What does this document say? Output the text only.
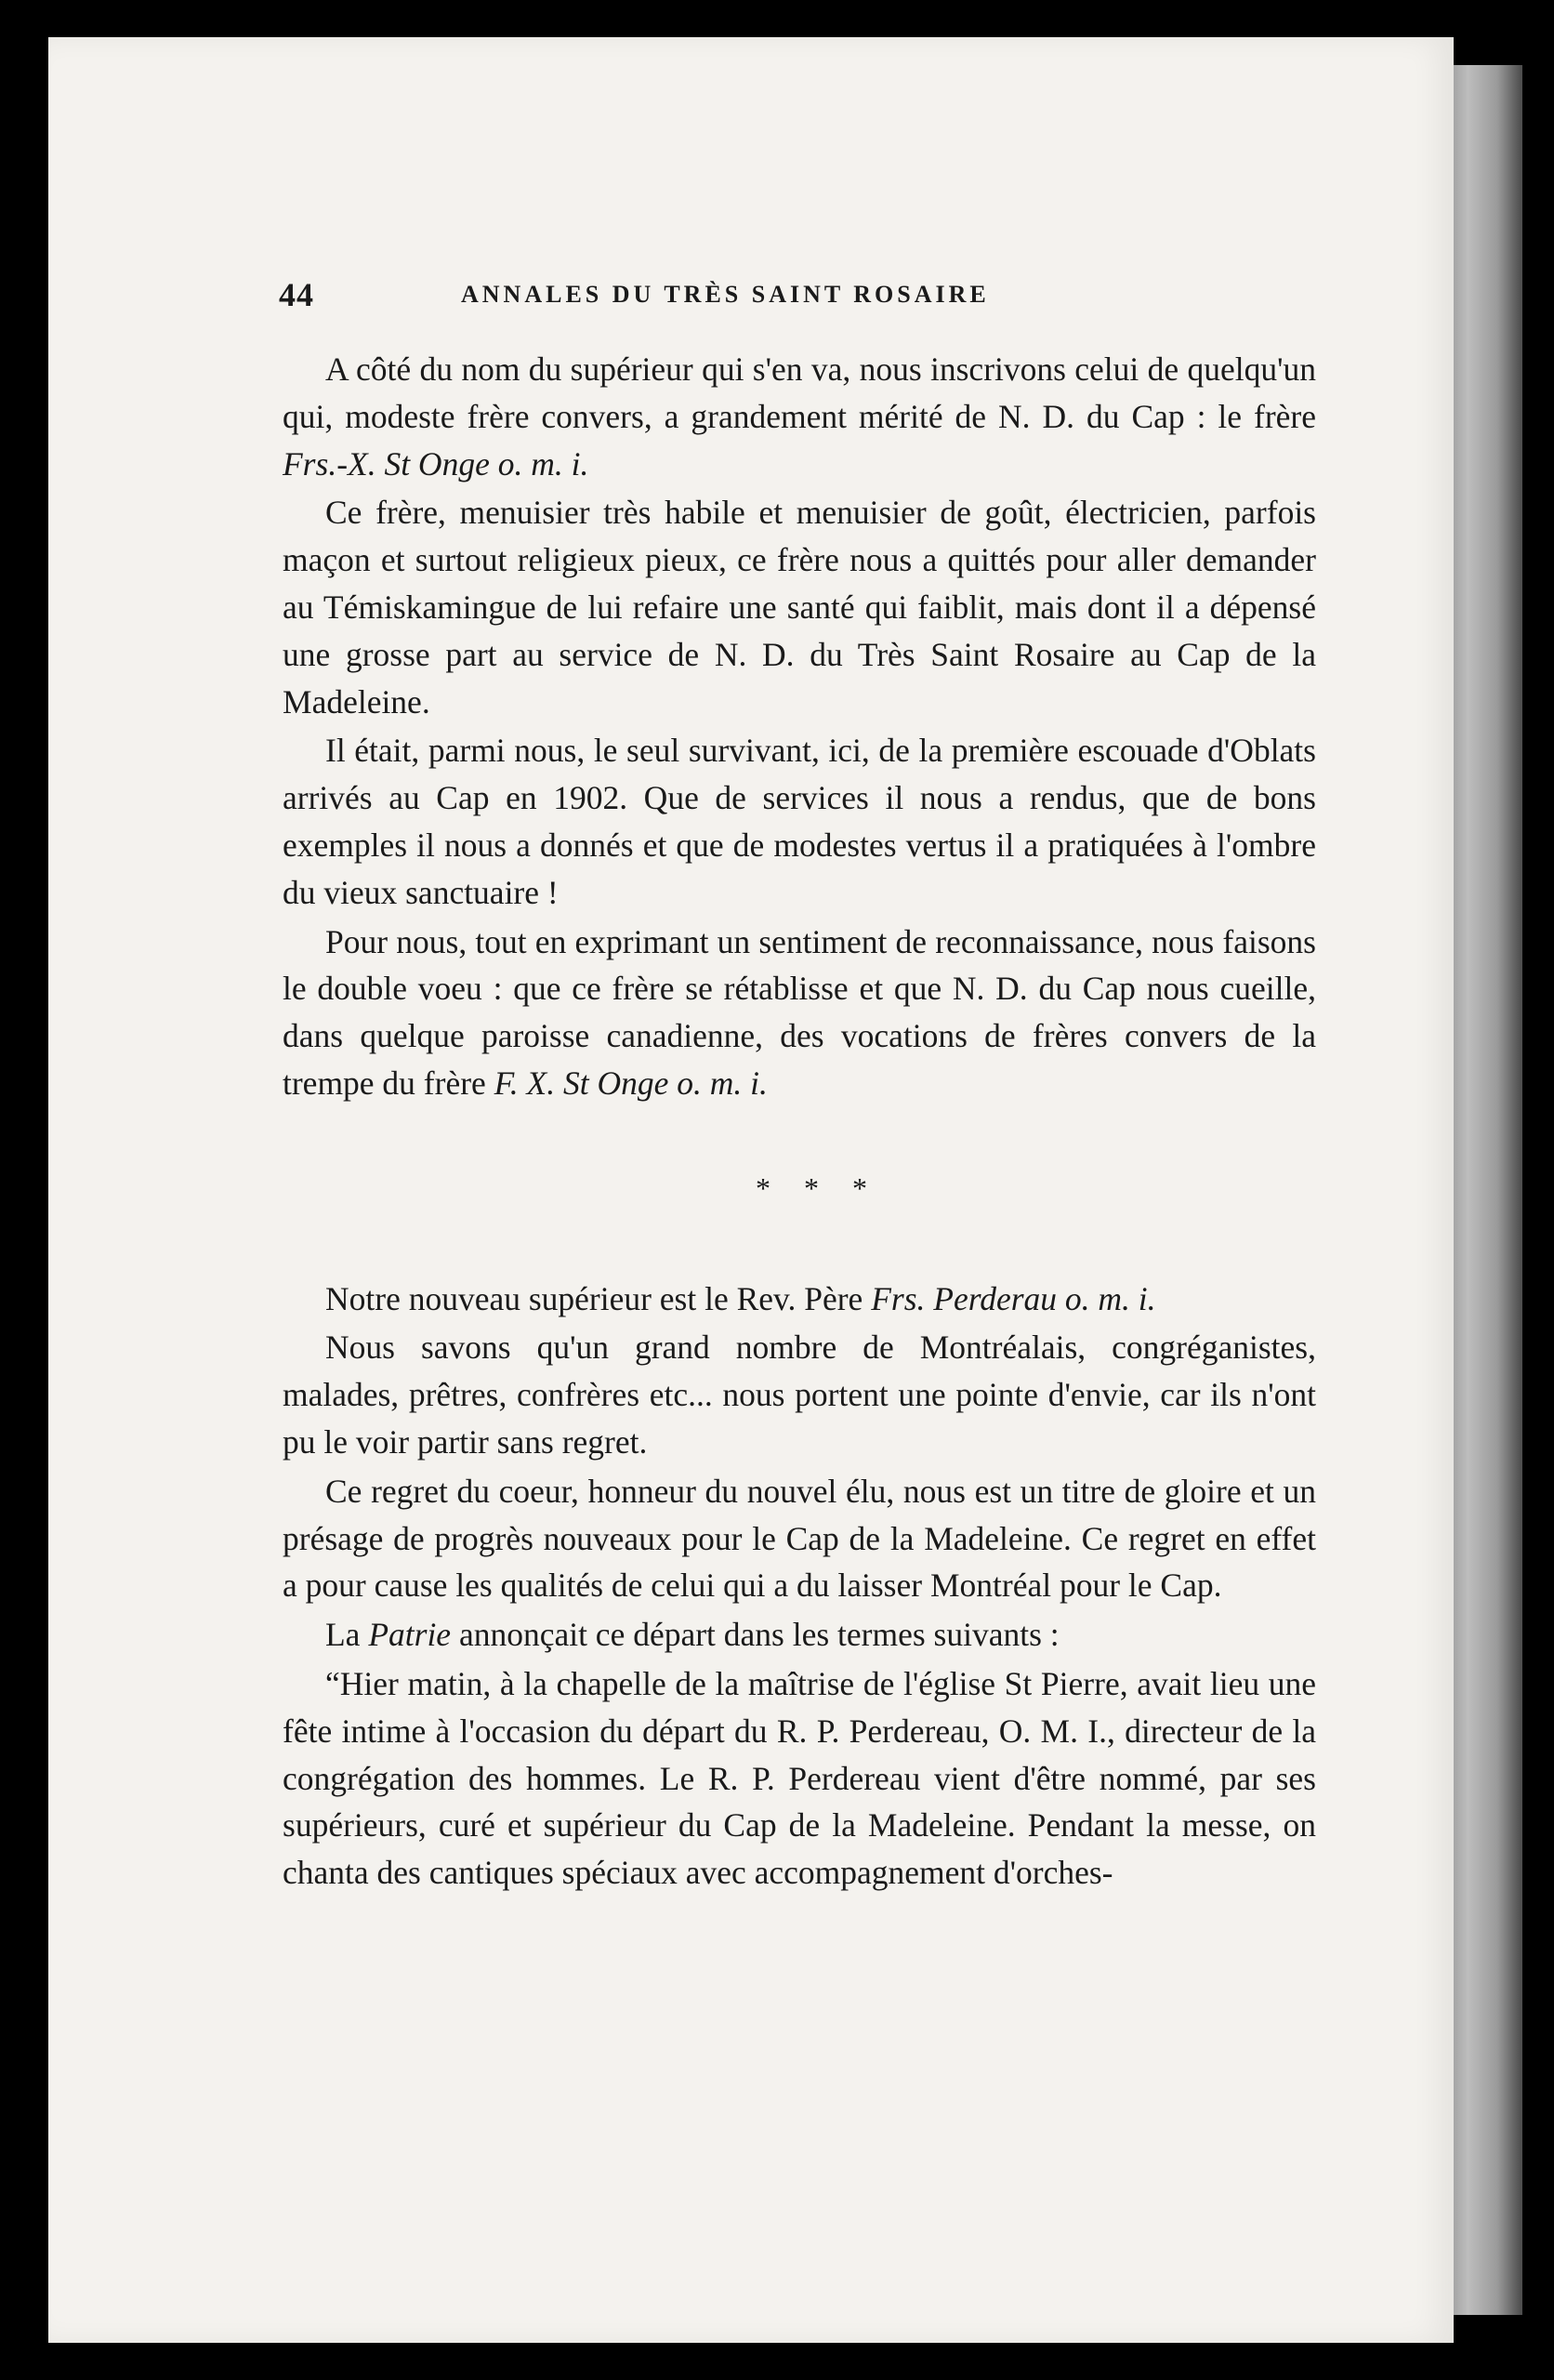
44	ANNALES DU TRÈS SAINT ROSAIRE

A côté du nom du supérieur qui s'en va, nous inscrivons celui de quelqu'un qui, modeste frère convers, a grandement mérité de N. D. du Cap : le frère Frs.-X. St Onge o. m. i.

Ce frère, menuisier très habile et menuisier de goût, électricien, parfois maçon et surtout religieux pieux, ce frère nous a quittés pour aller demander au Témiskamingue de lui refaire une santé qui faiblit, mais dont il a dépensé une grosse part au service de N. D. du Très Saint Rosaire au Cap de la Madeleine.

Il était, parmi nous, le seul survivant, ici, de la première escouade d'Oblats arrivés au Cap en 1902. Que de services il nous a rendus, que de bons exemples il nous a donnés et que de modestes vertus il a pratiquées à l'ombre du vieux sanctuaire !

Pour nous, tout en exprimant un sentiment de reconnaissance, nous faisons le double voeu : que ce frère se rétablisse et que N. D. du Cap nous cueille, dans quelque paroisse canadienne, des vocations de frères convers de la trempe du frère F. X. St Onge o. m. i.

* * *

Notre nouveau supérieur est le Rev. Père Frs. Perderau o. m. i.

Nous savons qu'un grand nombre de Montréalais, congréganistes, malades, prêtres, confrères etc... nous portent une pointe d'envie, car ils n'ont pu le voir partir sans regret.

Ce regret du coeur, honneur du nouvel élu, nous est un titre de gloire et un présage de progrès nouveaux pour le Cap de la Madeleine. Ce regret en effet a pour cause les qualités de celui qui a du laisser Montréal pour le Cap.

La Patrie annonçait ce départ dans les termes suivants :

“Hier matin, à la chapelle de la maîtrise de l'église St Pierre, avait lieu une fête intime à l'occasion du départ du R. P. Perdereau, O. M. I., directeur de la congrégation des hommes. Le R. P. Perdereau vient d'être nommé, par ses supérieurs, curé et supérieur du Cap de la Madeleine. Pendant la messe, on chanta des cantiques spéciaux avec accompagnement d'orches-
